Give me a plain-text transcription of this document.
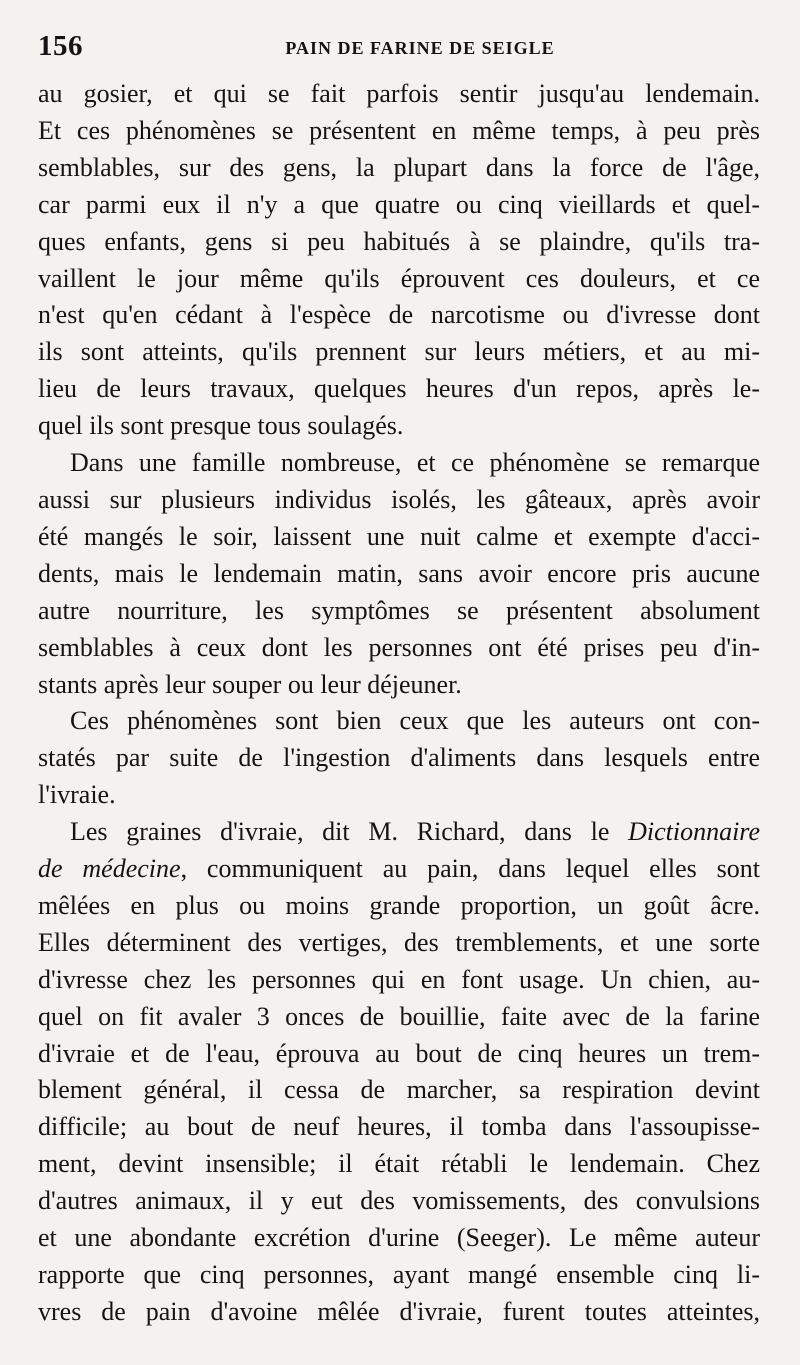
156	PAIN DE FARINE DE SEIGLE

au gosier, et qui se fait parfois sentir jusqu'au lendemain.
Et ces phénomènes se présentent en même temps, à peu près
semblables, sur des gens, la plupart dans la force de l'âge,
car parmi eux il n'y a que quatre ou cinq vieillards et quel-
ques enfants, gens si peu habitués à se plaindre, qu'ils tra-
vaillent le jour même qu'ils éprouvent ces douleurs, et ce
n'est qu'en cédant à l'espèce de narcotisme ou d'ivresse dont
ils sont atteints, qu'ils prennent sur leurs métiers, et au mi-
lieu de leurs travaux, quelques heures d'un repos, après le-
quel ils sont presque tous soulagés.

Dans une famille nombreuse, et ce phénomène se remarque
aussi sur plusieurs individus isolés, les gâteaux, après avoir
été mangés le soir, laissent une nuit calme et exempte d'acci-
dents, mais le lendemain matin, sans avoir encore pris aucune
autre nourriture, les symptômes se présentent absolument
semblables à ceux dont les personnes ont été prises peu d'in-
stants après leur souper ou leur déjeuner.

Ces phénomènes sont bien ceux que les auteurs ont con-
statés par suite de l'ingestion d'aliments dans lesquels entre
l'ivraie.

Les graines d'ivraie, dit M. Richard, dans le Dictionnaire
de médecine, communiquent au pain, dans lequel elles sont
mêlées en plus ou moins grande proportion, un goût âcre.
Elles déterminent des vertiges, des tremblements, et une sorte
d'ivresse chez les personnes qui en font usage. Un chien, au-
quel on fit avaler 3 onces de bouillie, faite avec de la farine
d'ivraie et de l'eau, éprouva au bout de cinq heures un trem-
blement général, il cessa de marcher, sa respiration devint
difficile; au bout de neuf heures, il tomba dans l'assoupisse-
ment, devint insensible; il était rétabli le lendemain. Chez
d'autres animaux, il y eut des vomissements, des convulsions
et une abondante excrétion d'urine (Seeger). Le même auteur
rapporte que cinq personnes, ayant mangé ensemble cinq li-
vres de pain d'avoine mêlée d'ivraie, furent toutes atteintes,
